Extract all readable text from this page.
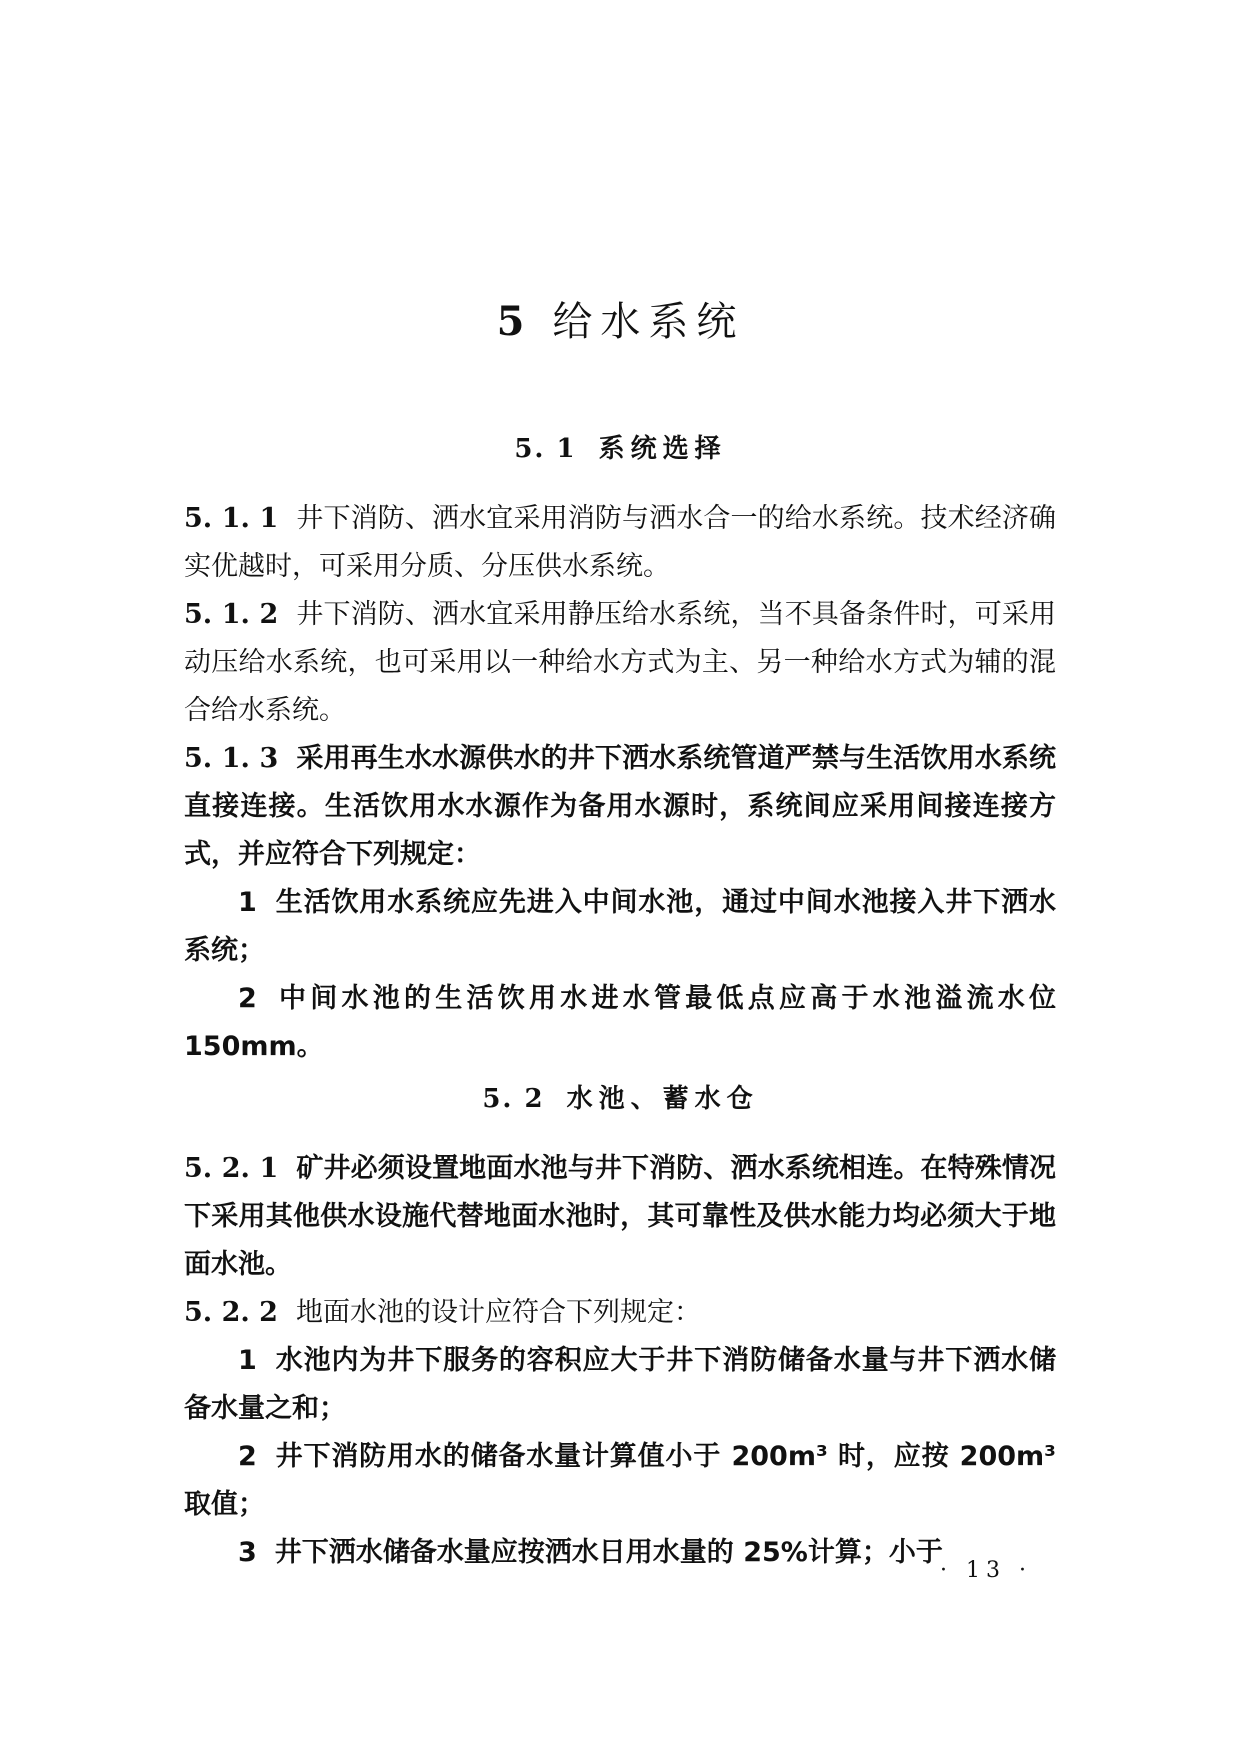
5 给水系统
5. 1 系统选择

5. 1. 1 井下消防、洒水宜采用消防与洒水合一的给水系统。技术经济确实优越时，可采用分质、分压供水系统。

5. 1. 2 井下消防、洒水宜采用静压给水系统，当不具备条件时，可采用动压给水系统，也可采用以一种给水方式为主、另一种给水方式为辅的混合给水系统。

5. 1. 3 采用再生水水源供水的井下洒水系统管道严禁与生活饮用水系统直接连接。生活饮用水水源作为备用水源时，系统间应采用间接连接方式，并应符合下列规定：

1 生活饮用水系统应先进入中间水池，通过中间水池接入井下洒水系统；

2 中间水池的生活饮用水进水管最低点应高于水池溢流水位 150mm。

5. 2 水池、蓄水仓

5. 2. 1 矿井必须设置地面水池与井下消防、洒水系统相连。在特殊情况下采用其他供水设施代替地面水池时，其可靠性及供水能力均必须大于地面水池。

5. 2. 2 地面水池的设计应符合下列规定：

1 水池内为井下服务的容积应大于井下消防储备水量与井下洒水储备水量之和；

2 井下消防用水的储备水量计算值小于 200m³ 时，应按 200m³ 取值；

3 井下洒水储备水量应按洒水日用水量的 25%计算；小于

· 13 ·
